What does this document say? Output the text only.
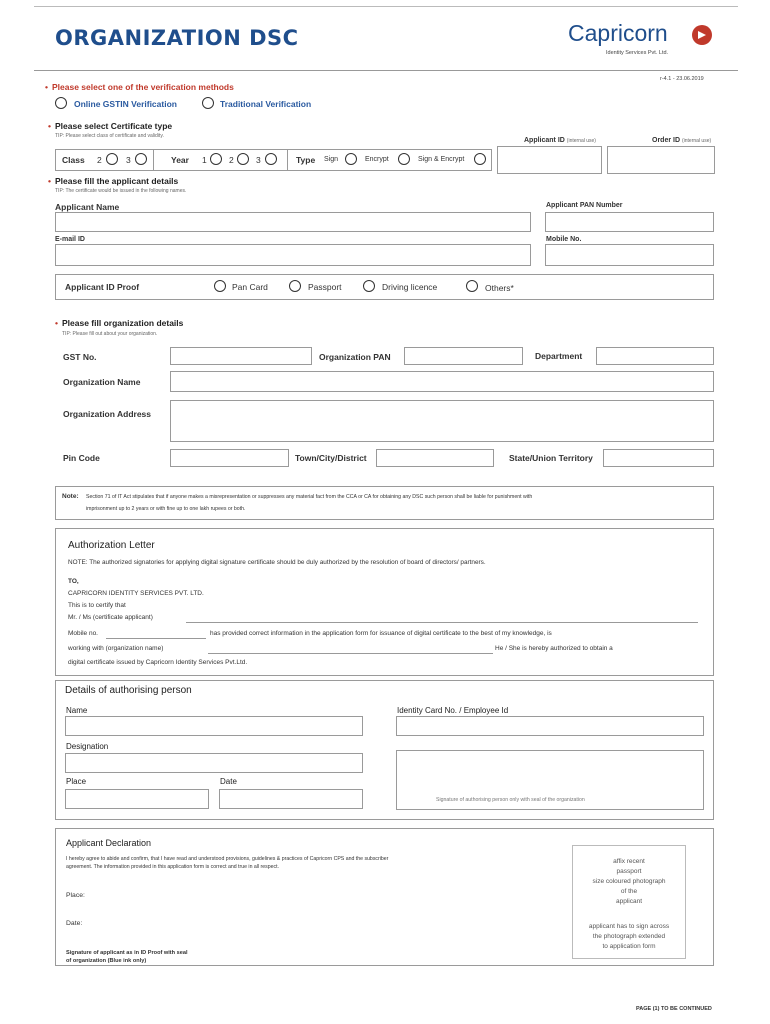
ORGANIZATION DSC	Capricorn
Identity Services Pvt. Ltd.
r-4.1 - 23.06.2019
• Please select one of the verification methods
Online GSTIN Verification	Traditional Verification
• Please select Certificate type
TIP: Please select class of certificate and validity.
Applicant ID (internal use)	Order ID (internal use)
Class 2	3	Year 1	2	3	Type Sign	Encrypt	Sign & Encrypt
• Please fill the applicant details
TIP: The certificate would be issued in the following names.
Applicant Name	Applicant PAN Number
E-mail ID	Mobile No.
Applicant ID Proof	Pan Card	Passport	Driving licence	Others*
• Please fill organization details
TIP: Please fill out about your organization.
GST No.	Organization PAN	Department
Organization Name
Organization Address
Pin Code	Town/City/District	State/Union Territory
Note: Section 71 of IT Act stipulates that if anyone makes a misrepresentation or suppresses any material fact from the CCA or CA for obtaining any DSC such person shall be liable for punishment with
imprisonment up to 2 years or with fine up to one lakh rupees or both.
Authorization Letter
NOTE: The authorized signatories for applying digital signature certificate should be duly authorized by the resolution of board of directors/ partners.
TO,
CAPRICORN IDENTITY SERVICES PVT. LTD.
This is to certify that
Mr. / Ms (certificate applicant)
Mobile no.	has provided correct information in the application form for issuance of digital certificate to the best of my knowledge, is
working with (organization name)	He / She is hereby authorized to obtain a
digital certificate issued by Capricorn Identity Services Pvt.Ltd.
Details of authorising person
Name	Identity Card No. / Employee Id
Designation
Place	Date
Signature of authorising person only with seal of the organization
Applicant Declaration
I hereby agree to abide and confirm, that I have read and understood provisions, guidelines & practices of Capricorn CPS and the subscriber
agreement. The information provided in this application form is correct and true in all respect.
Place:
Date:
Signature of applicant as in ID Proof with seal
of organization (Blue ink only)
affix recent
passport
size coloured photograph
of the
applicant
applicant has to sign across
the photograph extended
to application form
PAGE (1) TO BE CONTINUED
